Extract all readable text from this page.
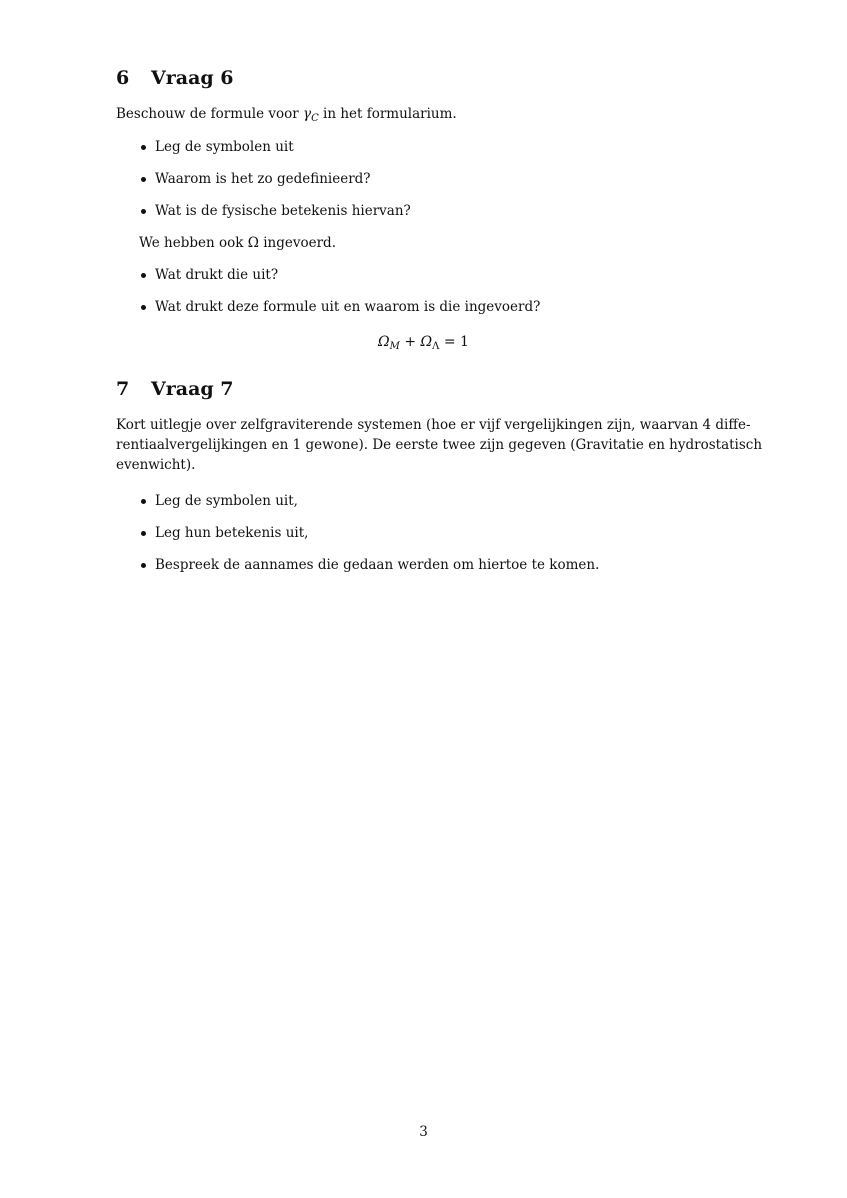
6 Vraag 6

Beschouw de formule voor $\gamma_C$ in het formularium.

Leg de symbolen uit
Waarom is het zo gedefinieerd?
Wat is de fysische betekenis hiervan?

We hebben ook Ω ingevoerd.

Wat drukt die uit?
Wat drukt deze formule uit en waarom is die ingevoerd?

$\Omega_M + \Omega_\Lambda = 1$

7 Vraag 7
Kort uitlegje over zelfgraviterende systemen (hoe er vijf vergelijkingen zijn, waarvan 4 diffe-
rentiaalvergelijkingen en 1 gewone). De eerste twee zijn gegeven (Gravitatie en hydrostatisch
evenwicht).
Leg de symbolen uit,
Leg hun betekenis uit,
Bespreek de aannames die gedaan werden om hiertoe te komen.

3
